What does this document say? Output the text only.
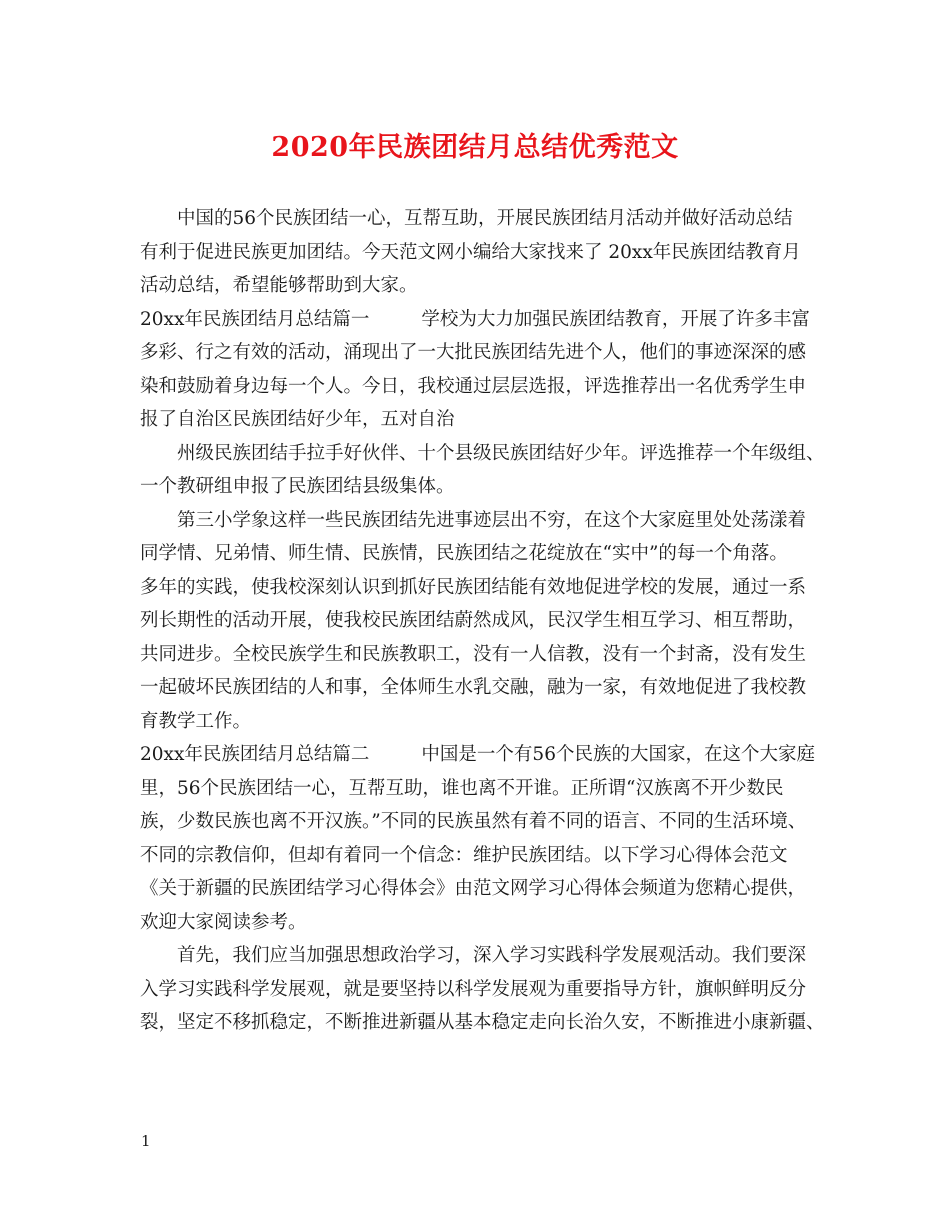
2020年民族团结月总结优秀范文
中国的56个民族团结一心，互帮互助，开展民族团结月活动并做好活动总结
有利于促进民族更加团结。今天范文网小编给大家找来了 20xx年民族团结教育月
活动总结，希望能够帮助到大家。
20xx年民族团结月总结篇一	学校为大力加强民族团结教育，开展了许多丰富
多彩、行之有效的活动，涌现出了一大批民族团结先进个人，他们的事迹深深的感
染和鼓励着身边每一个人。今日，我校通过层层选报，评选推荐出一名优秀学生申
报了自治区民族团结好少年，五对自治
州级民族团结手拉手好伙伴、十个县级民族团结好少年。评选推荐一个年级组、
一个教研组申报了民族团结县级集体。
第三小学象这样一些民族团结先进事迹层出不穷，在这个大家庭里处处荡漾着
同学情、兄弟情、师生情、民族情，民族团结之花绽放在“实中”的每一个角落。
多年的实践，使我校深刻认识到抓好民族团结能有效地促进学校的发展，通过一系
列长期性的活动开展，使我校民族团结蔚然成风，民汉学生相互学习、相互帮助，
共同进步。全校民族学生和民族教职工，没有一人信教，没有一个封斋，没有发生
一起破坏民族团结的人和事，全体师生水乳交融，融为一家，有效地促进了我校教
育教学工作。
20xx年民族团结月总结篇二	中国是一个有56个民族的大国家，在这个大家庭
里，56个民族团结一心，互帮互助，谁也离不开谁。正所谓“汉族离不开少数民
族，少数民族也离不开汉族。”不同的民族虽然有着不同的语言、不同的生活环境、
不同的宗教信仰，但却有着同一个信念：维护民族团结。以下学习心得体会范文
《关于新疆的民族团结学习心得体会》由范文网学习心得体会频道为您精心提供，
欢迎大家阅读参考。
首先，我们应当加强思想政治学习，深入学习实践科学发展观活动。我们要深
入学习实践科学发展观，就是要坚持以科学发展观为重要指导方针，旗帜鲜明反分
裂，坚定不移抓稳定，不断推进新疆从基本稳定走向长治久安，不断推进小康新疆、
1
